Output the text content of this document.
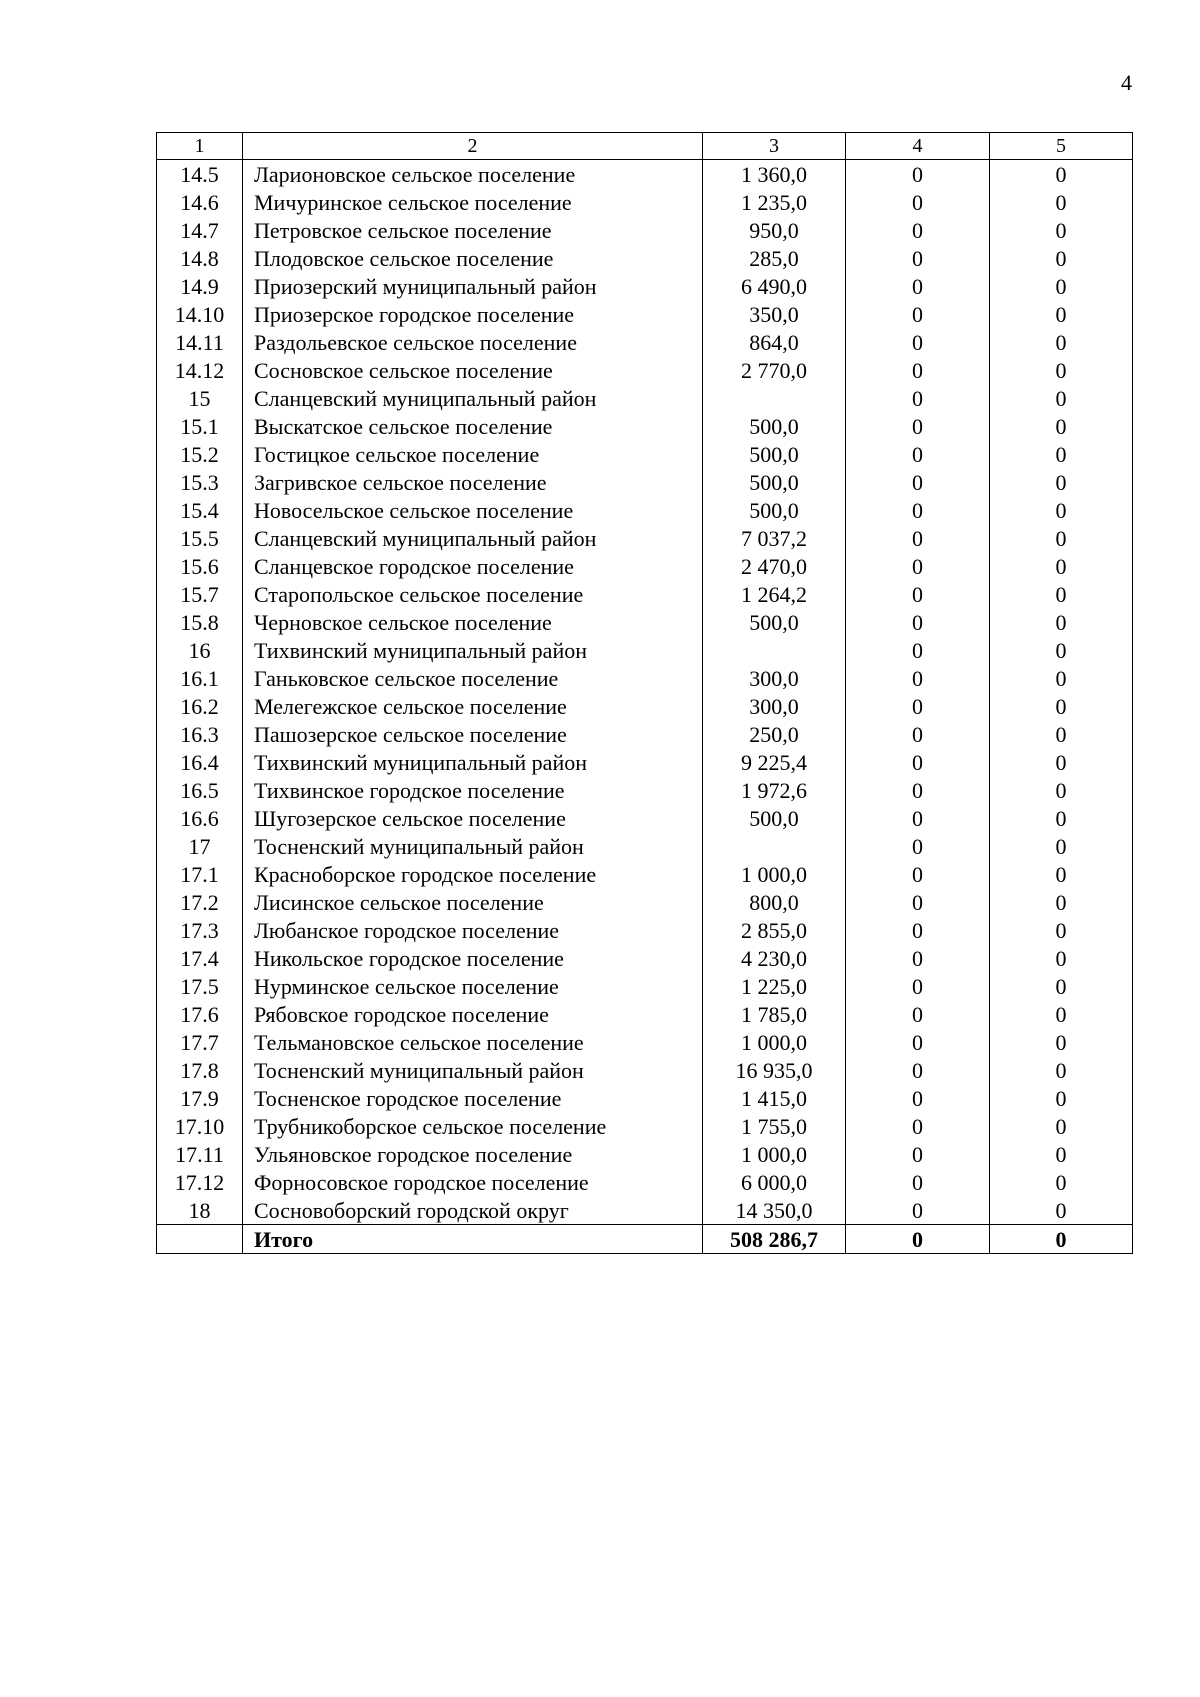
4
1	2	3	4	5
14.5	Ларионовское сельское поселение	1 360,0	0	0
14.6	Мичуринское сельское поселение	1 235,0	0	0
14.7	Петровское сельское поселение	950,0	0	0
14.8	Плодовское сельское поселение	285,0	0	0
14.9	Приозерский муниципальный район	6 490,0	0	0
14.10	Приозерское городское поселение	350,0	0	0
14.11	Раздольевское сельское поселение	864,0	0	0
14.12	Сосновское сельское поселение	2 770,0	0	0
15	Сланцевский муниципальный район		0	0
15.1	Выскатское сельское поселение	500,0	0	0
15.2	Гостицкое сельское поселение	500,0	0	0
15.3	Загривское сельское поселение	500,0	0	0
15.4	Новосельское сельское поселение	500,0	0	0
15.5	Сланцевский муниципальный район	7 037,2	0	0
15.6	Сланцевское городское поселение	2 470,0	0	0
15.7	Старопольское сельское поселение	1 264,2	0	0
15.8	Черновское сельское поселение	500,0	0	0
16	Тихвинский муниципальный район		0	0
16.1	Ганьковское сельское поселение	300,0	0	0
16.2	Мелегежское сельское поселение	300,0	0	0
16.3	Пашозерское сельское поселение	250,0	0	0
16.4	Тихвинский муниципальный район	9 225,4	0	0
16.5	Тихвинское городское поселение	1 972,6	0	0
16.6	Шугозерское сельское поселение	500,0	0	0
17	Тосненский муниципальный район		0	0
17.1	Красноборское городское поселение	1 000,0	0	0
17.2	Лисинское сельское поселение	800,0	0	0
17.3	Любанское городское поселение	2 855,0	0	0
17.4	Никольское городское поселение	4 230,0	0	0
17.5	Нурминское сельское поселение	1 225,0	0	0
17.6	Рябовское городское поселение	1 785,0	0	0
17.7	Тельмановское сельское поселение	1 000,0	0	0
17.8	Тосненский муниципальный район	16 935,0	0	0
17.9	Тосненское городское поселение	1 415,0	0	0
17.10	Трубникоборское сельское поселение	1 755,0	0	0
17.11	Ульяновское городское поселение	1 000,0	0	0
17.12	Форносовское городское поселение	6 000,0	0	0
18	Сосновоборский городской округ	14 350,0	0	0
	Итого	508 286,7	0	0
